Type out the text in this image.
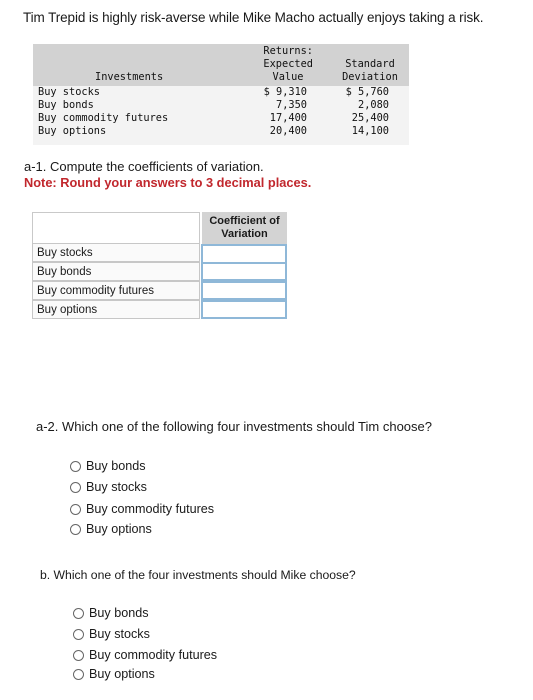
Tim Trepid is highly risk-averse while Mike Macho actually enjoys taking a risk.
Returns:
Expected
Value
Standard
Deviation
Investments
Buy stocks	$ 9,310	$ 5,760
Buy bonds	7,350	2,080
Buy commodity futures	17,400	25,400
Buy options	20,400	14,100
a-1. Compute the coefficients of variation.
Note: Round your answers to 3 decimal places.
Coefficient of
Variation
Buy stocks
Buy bonds
Buy commodity futures
Buy options
a-2. Which one of the following four investments should Tim choose?
Buy bonds
Buy stocks
Buy commodity futures
Buy options
b. Which one of the four investments should Mike choose?
Buy bonds
Buy stocks
Buy commodity futures
Buy options
